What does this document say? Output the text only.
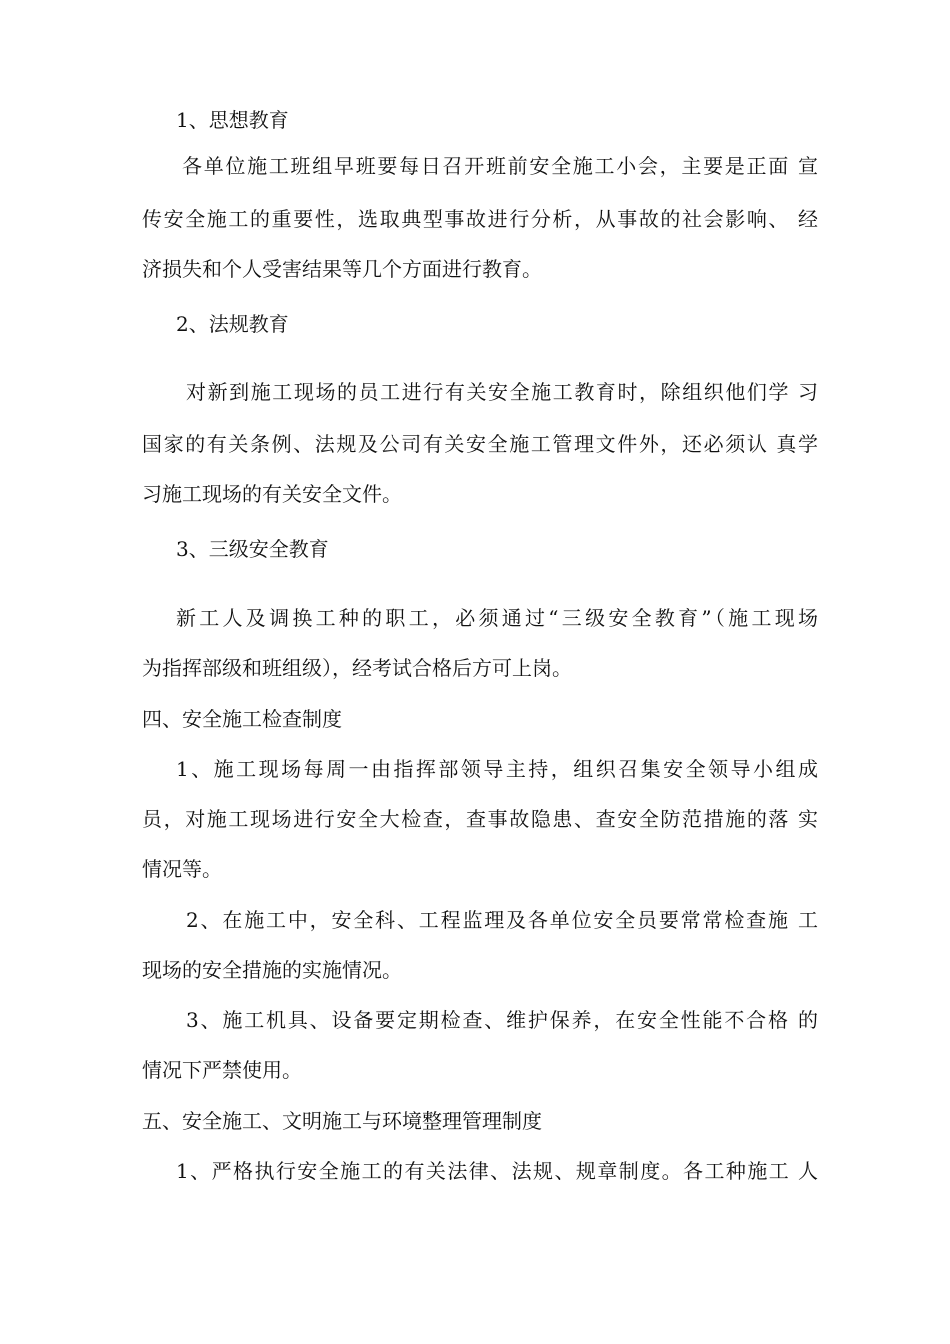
1、思想教育

各单位施工班组早班要每日召开班前安全施工小会，主要是正面 宣

传安全施工的重要性，选取典型事故进行分析，从事故的社会影响、 经

济损失和个人受害结果等几个方面进行教育。

2、法规教育

对新到施工现场的员工进行有关安全施工教育时，除组织他们学 习

国家的有关条例、法规及公司有关安全施工管理文件外，还必须认 真学

习施工现场的有关安全文件。

3、三级安全教育

新工人及调换工种的职工，必须通过“三级安全教育”（施工现场

为指挥部级和班组级），经考试合格后方可上岗。

四、安全施工检查制度

1、施工现场每周一由指挥部领导主持，组织召集安全领导小组成

员，对施工现场进行安全大检查，查事故隐患、查安全防范措施的落 实

情况等。

2、在施工中，安全科、工程监理及各单位安全员要常常检查施 工

现场的安全措施的实施情况。

3、施工机具、设备要定期检查、维护保养，在安全性能不合格 的

情况下严禁使用。

五、安全施工、文明施工与环境整理管理制度

1、严格执行安全施工的有关法律、法规、规章制度。各工种施工 人
